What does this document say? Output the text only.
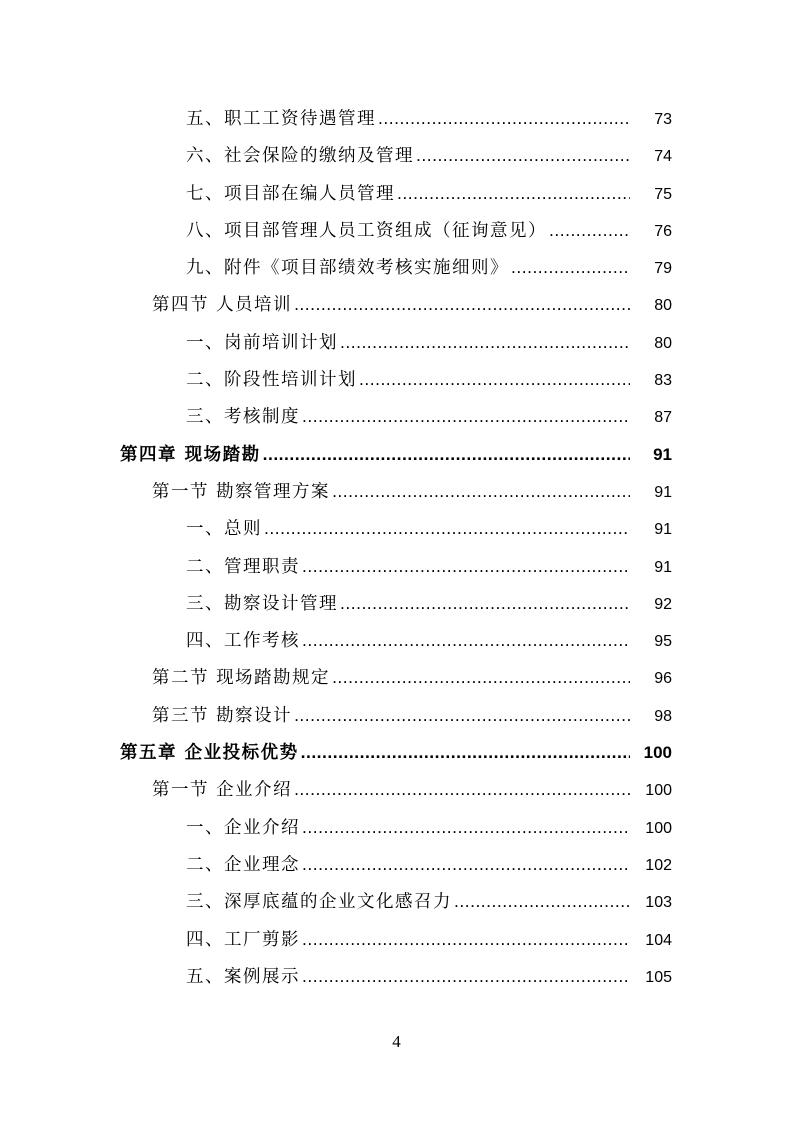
五、职工工资待遇管理 .....	73
六、社会保险的缴纳及管理 .....	74
七、项目部在编人员管理 .....	75
八、项目部管理人员工资组成（征询意见） .....	76
九、附件《项目部绩效考核实施细则》 .....	79
第四节 人员培训 .....	80
一、岗前培训计划 .....	80
二、阶段性培训计划 .....	83
三、考核制度 .....	87
第四章 现场踏勘 .....	91
第一节 勘察管理方案 .....	91
一、总则 .....	91
二、管理职责 .....	91
三、勘察设计管理 .....	92
四、工作考核 .....	95
第二节 现场踏勘规定 .....	96
第三节 勘察设计 .....	98
第五章 企业投标优势 .....	100
第一节 企业介绍 .....	100
一、企业介绍 .....	100
二、企业理念 .....	102
三、深厚底蕴的企业文化感召力 .....	103
四、工厂剪影 .....	104
五、案例展示 .....	105
4
